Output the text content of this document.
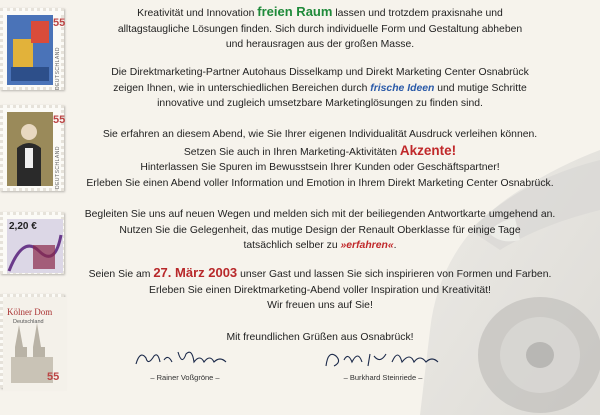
55
DEUTSCHLAND
55
DEUTSCHLAND
2,20 €
Kölner Dom
Deutschland
55
Kreativität und Innovation freien Raum lassen und trotzdem praxisnahe und
alltagstaugliche Lösungen finden. Sich durch individuelle Form und Gestaltung abheben
und herausragen aus der großen Masse.
Die Direktmarketing-Partner Autohaus Disselkamp und Direkt Marketing Center Osnabrück
zeigen Ihnen, wie in unterschiedlichen Bereichen durch frische Ideen und mutige Schritte
innovative und zugleich umsetzbare Marketinglösungen zu finden sind.
Sie erfahren an diesem Abend, wie Sie Ihrer eigenen Individualität Ausdruck verleihen können.
Setzen Sie auch in Ihren Marketing-Aktivitäten Akzente!
Hinterlassen Sie Spuren im Bewusstsein Ihrer Kunden oder Geschäftspartner!
Erleben Sie einen Abend voller Information und Emotion in Ihrem Direkt Marketing Center Osnabrück.
Begleiten Sie uns auf neuen Wegen und melden sich mit der beiliegenden Antwortkarte umgehend an.
Nutzen Sie die Gelegenheit, das mutige Design der Renault Oberklasse für einige Tage
tatsächlich selber zu »erfahren«.
Seien Sie am 27. März 2003 unser Gast und lassen Sie sich inspirieren von Formen und Farben.
Erleben Sie einen Direktmarketing-Abend voller Inspiration und Kreativität!
Wir freuen uns auf Sie!
Mit freundlichen Grüßen aus Osnabrück!
– Rainer Voßgröne –	– Burkhard Steinriede –
